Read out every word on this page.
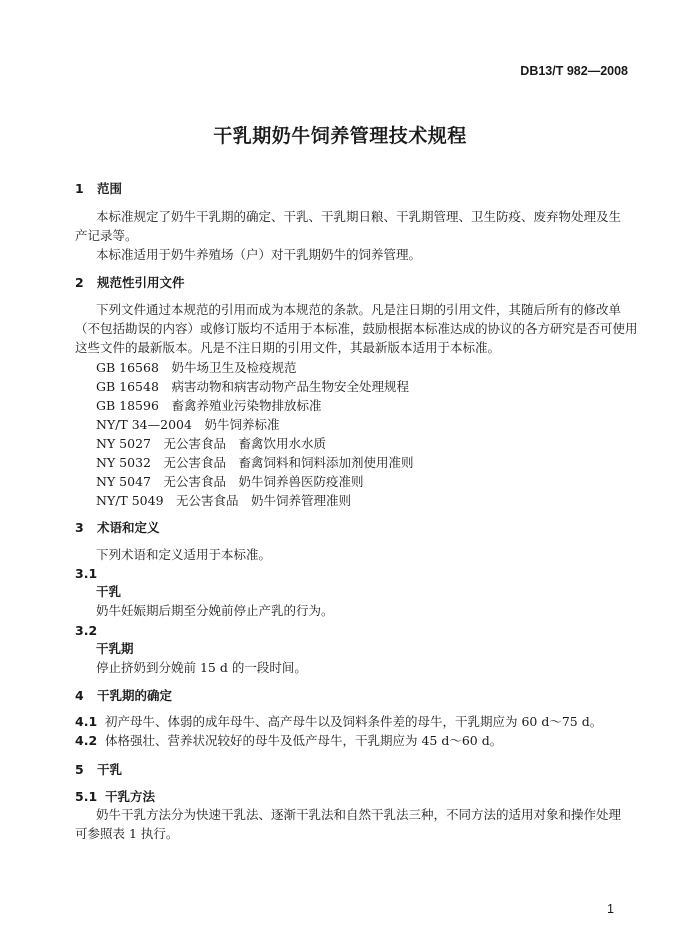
DB13/T 982—2008
干乳期奶牛饲养管理技术规程
1 范围
本标准规定了奶牛干乳期的确定、干乳、干乳期日粮、干乳期管理、卫生防疫、废弃物处理及生
产记录等。
本标准适用于奶牛养殖场（户）对干乳期奶牛的饲养管理。
2 规范性引用文件
下列文件通过本规范的引用而成为本规范的条款。凡是注日期的引用文件，其随后所有的修改单
（不包括勘误的内容）或修订版均不适用于本标准，鼓励根据本标准达成的协议的各方研究是否可使用
这些文件的最新版本。凡是不注日期的引用文件，其最新版本适用于本标准。
GB 16568　 奶牛场卫生及检疫规范
GB 16548　 病害动物和病害动物产品生物安全处理规程
GB 18596　 畜禽养殖业污染物排放标准
NY/T 34—2004　 奶牛饲养标准
NY 5027　 无公害食品　畜禽饮用水水质
NY 5032　 无公害食品　畜禽饲料和饲料添加剂使用准则
NY 5047　 无公害食品　奶牛饲养兽医防疫准则
NY/T 5049　 无公害食品　奶牛饲养管理准则
3 术语和定义
下列术语和定义适用于本标准。
3.1
干乳
奶牛妊娠期后期至分娩前停止产乳的行为。
3.2
干乳期
停止挤奶到分娩前 15 d 的一段时间。
4 干乳期的确定
4.1 初产母牛、体弱的成年母牛、高产母牛以及饲料条件差的母牛，干乳期应为 60 d～75 d。
4.2 体格强壮、营养状况较好的母牛及低产母牛，干乳期应为 45 d～60 d。
5 干乳
5.1 干乳方法
奶牛干乳方法分为快速干乳法、逐渐干乳法和自然干乳法三种，不同方法的适用对象和操作处理
可参照表 1 执行。
1
